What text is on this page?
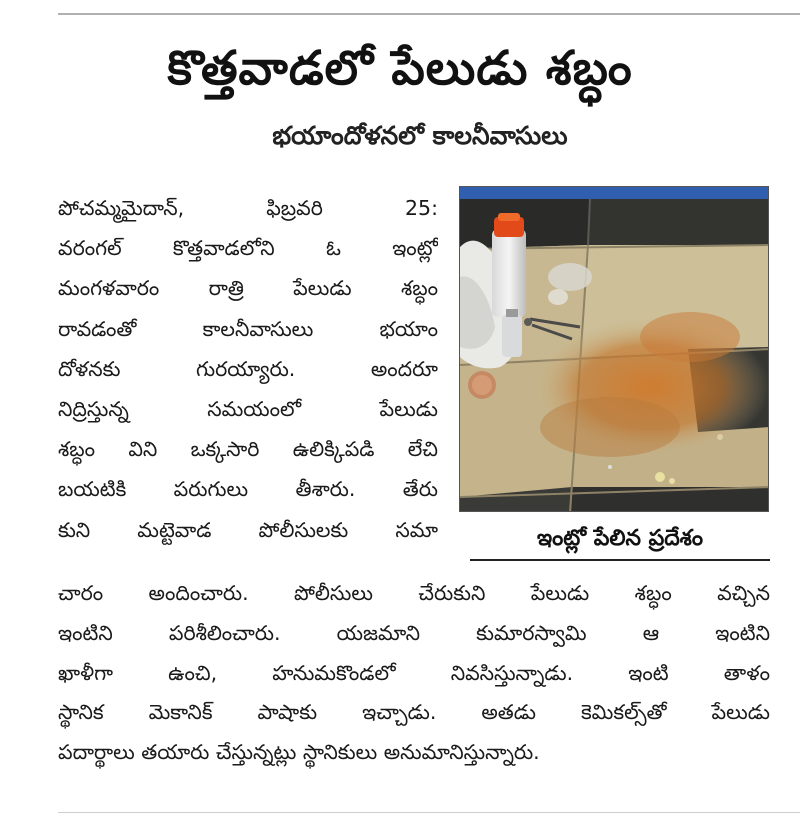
కొత్తవాడలో పేలుడు శబ్ధం
భయాందోళనలో కాలనీవాసులు
పోచమ్మమైదాన్, ఫిబ్రవరి 25:
వరంగల్ కొత్తవాడలోని ఓ ఇంట్లో
మంగళవారం రాత్రి పేలుడు శబ్ధం
రావడంతో కాలనీవాసులు భయాం
దోళనకు గురయ్యారు. అందరూ
నిద్రిస్తున్న సమయంలో పేలుడు
శబ్ధం విని ఒక్కసారి ఉలిక్కిపడి లేచి
బయటికి పరుగులు తీశారు. తేరు
కుని మట్టెవాడ పోలీసులకు సమా	ఇంట్లో పేలిన ప్రదేశం
చారం అందించారు. పోలీసులు చేరుకుని పేలుడు శబ్ధం వచ్చిన
ఇంటిని పరిశీలించారు. యజమాని కుమారస్వామి ఆ ఇంటిని
ఖాళీగా ఉంచి, హనుమకొండలో నివసిస్తున్నాడు. ఇంటి తాళం
స్థానిక మెకానిక్ పాషాకు ఇచ్చాడు. అతడు కెమికల్స్‌తో పేలుడు
పదార్థాలు తయారు చేస్తున్నట్లు స్థానికులు అనుమానిస్తున్నారు.
